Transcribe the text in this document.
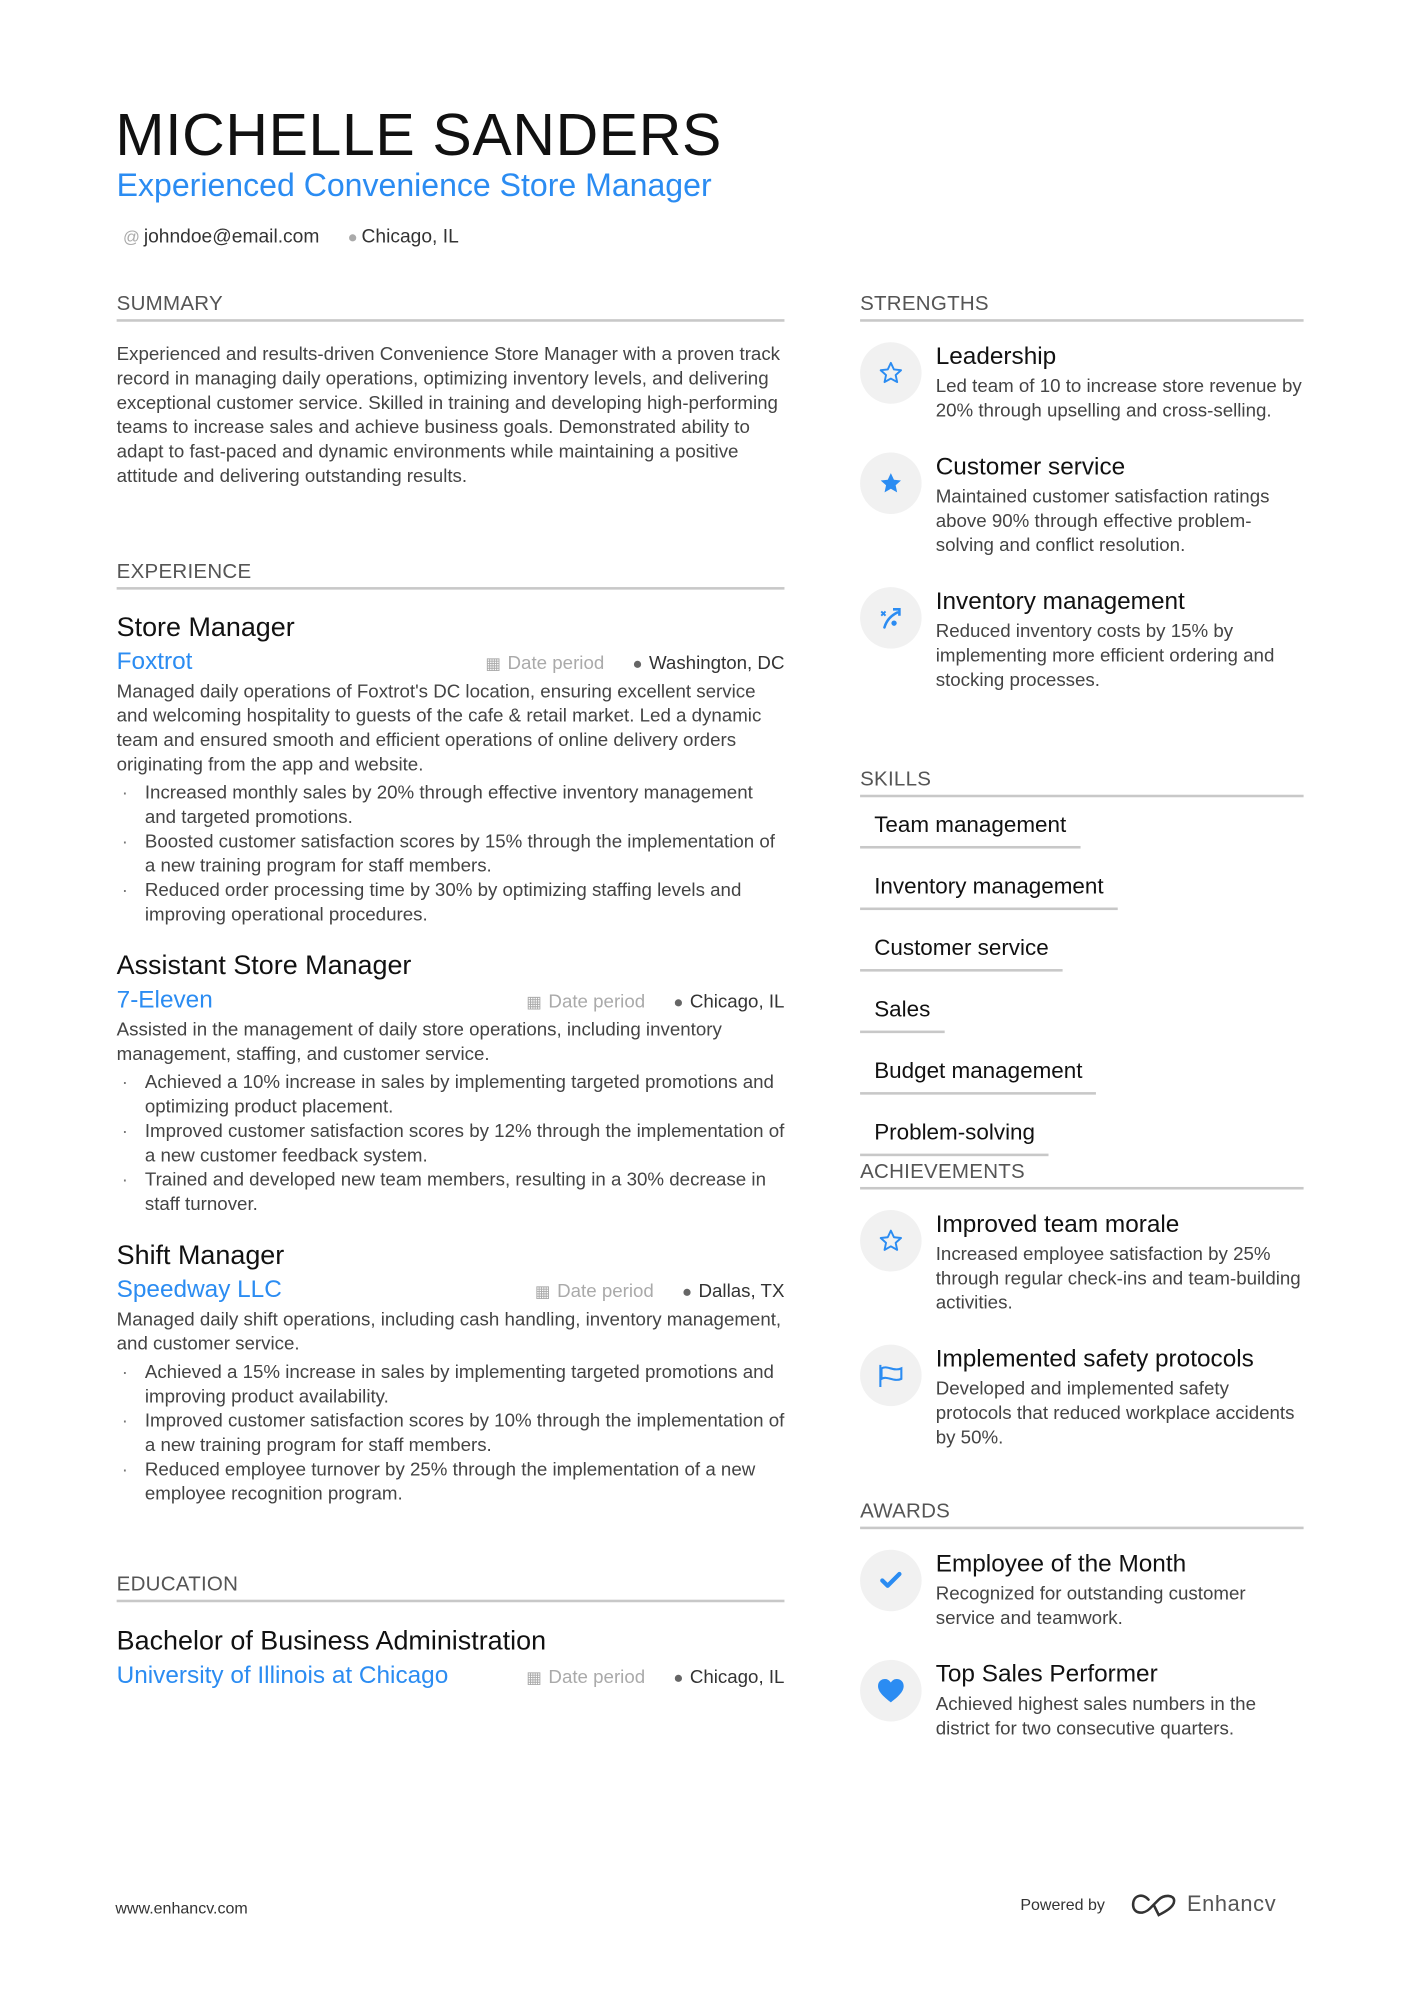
MICHELLE SANDERS
Experienced Convenience Store Manager
@ johndoe@email.com ● Chicago, IL
SUMMARY
Experienced and results-driven Convenience Store Manager with a proven track record in managing daily operations, optimizing inventory levels, and delivering exceptional customer service. Skilled in training and developing high-performing teams to increase sales and achieve business goals. Demonstrated ability to adapt to fast-paced and dynamic environments while maintaining a positive attitude and delivering outstanding results.
EXPERIENCE
Store Manager
Foxtrot	▦ Date period ● Washington, DC
Managed daily operations of Foxtrot's DC location, ensuring excellent service and welcoming hospitality to guests of the cafe & retail market. Led a dynamic team and ensured smooth and efficient operations of online delivery orders originating from the app and website.
· Increased monthly sales by 20% through effective inventory management and targeted promotions.
· Boosted customer satisfaction scores by 15% through the implementation of a new training program for staff members.
· Reduced order processing time by 30% by optimizing staffing levels and improving operational procedures.
Assistant Store Manager
7-Eleven	▦ Date period ● Chicago, IL
Assisted in the management of daily store operations, including inventory management, staffing, and customer service.
· Achieved a 10% increase in sales by implementing targeted promotions and optimizing product placement.
· Improved customer satisfaction scores by 12% through the implementation of a new customer feedback system.
· Trained and developed new team members, resulting in a 30% decrease in staff turnover.
Shift Manager
Speedway LLC	▦ Date period ● Dallas, TX
Managed daily shift operations, including cash handling, inventory management, and customer service.
· Achieved a 15% increase in sales by implementing targeted promotions and improving product availability.
· Improved customer satisfaction scores by 10% through the implementation of a new training program for staff members.
· Reduced employee turnover by 25% through the implementation of a new employee recognition program.
EDUCATION
Bachelor of Business Administration
University of Illinois at Chicago	▦ Date period ● Chicago, IL
STRENGTHS
Leadership
Led team of 10 to increase store revenue by 20% through upselling and cross-selling.
Customer service
Maintained customer satisfaction ratings above 90% through effective problem-solving and conflict resolution.
Inventory management
Reduced inventory costs by 15% by implementing more efficient ordering and stocking processes.
SKILLS
Team management
Inventory management
Customer service
Sales
Budget management
Problem-solving
ACHIEVEMENTS
Improved team morale
Increased employee satisfaction by 25% through regular check-ins and team-building activities.
Implemented safety protocols
Developed and implemented safety protocols that reduced workplace accidents by 50%.
AWARDS
Employee of the Month
Recognized for outstanding customer service and teamwork.
Top Sales Performer
Achieved highest sales numbers in the district for two consecutive quarters.
www.enhancv.com	Powered by	Enhancv
